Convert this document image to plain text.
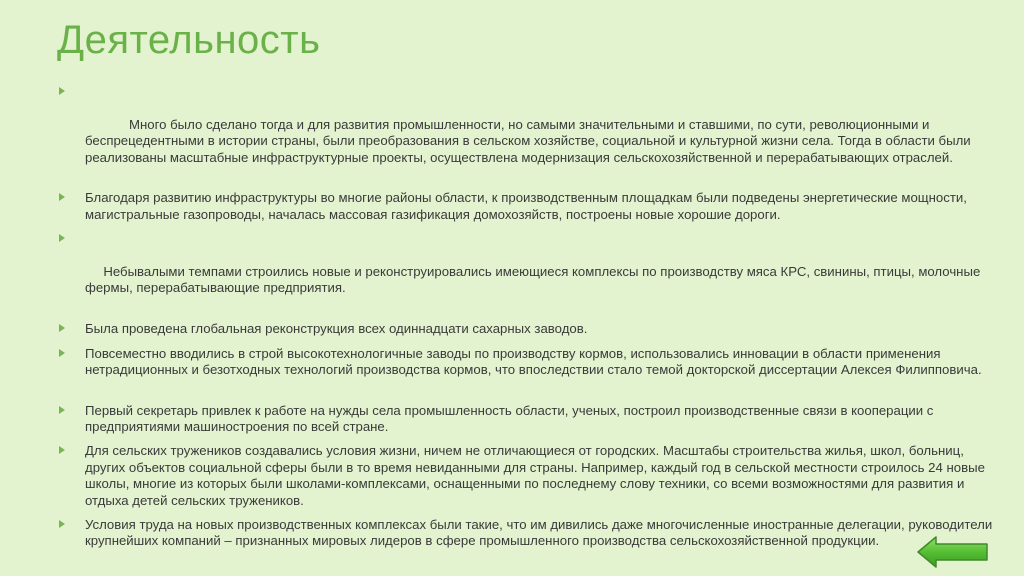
Деятельность

Много было сделано тогда и для развития промышленности, но самыми значительными и ставшими, по сути, революционными и беспрецедентными в истории страны, были преобразования в сельском хозяйстве, социальной и культурной жизни села. Тогда в области были реализованы масштабные инфраструктурные проекты, осуществлена модернизация сельскохозяйственной и перерабатывающих отраслей.

Благодаря развитию инфраструктуры во многие районы области, к производственным площадкам были подведены энергетические мощности, магистральные газопроводы, началась массовая газификация домохозяйств, построены новые хорошие дороги.

Небывалыми темпами строились новые и реконструировались имеющиеся комплексы по производству мяса КРС, свинины, птицы, молочные фермы, перерабатывающие предприятия.

Была проведена глобальная реконструкция всех одиннадцати сахарных заводов.

Повсеместно вводились в строй высокотехнологичные заводы по производству кормов, использовались инновации в области применения нетрадиционных и безотходных технологий производства кормов, что впоследствии стало темой докторской диссертации Алексея Филипповича.

Первый секретарь привлек к работе на нужды села промышленность области, ученых, построил производственные связи в кооперации с предприятиями машиностроения по всей стране.

Для сельских тружеников создавались условия жизни, ничем не отличающиеся от городских. Масштабы строительства жилья, школ, больниц, других объектов социальной сферы были в то время невиданными для страны. Например, каждый год в сельской местности строилось 24 новые школы, многие из которых были школами-комплексами, оснащенными по последнему слову техники, со всеми возможностями для развития и отдыха детей сельских тружеников.

Условия труда на новых производственных комплексах были такие, что им дивились даже многочисленные иностранные делегации, руководители крупнейших компаний – признанных мировых лидеров в сфере промышленного производства сельскохозяйственной продукции.
